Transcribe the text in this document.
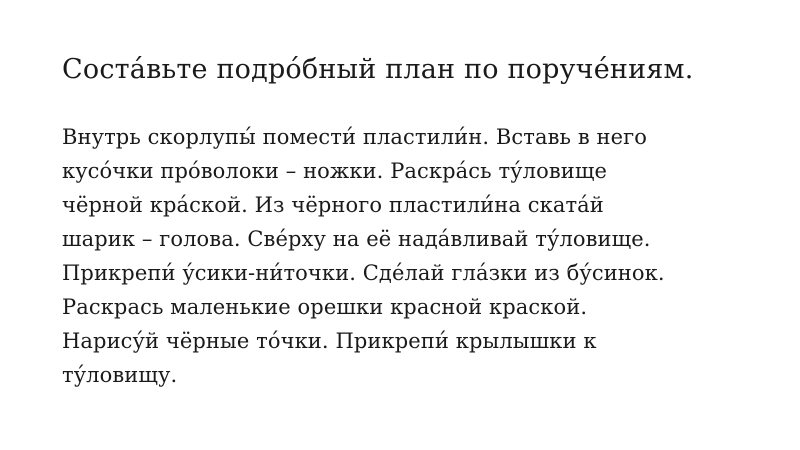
Соста́вьте подро́бный план по поруче́ниям.
Внутрь скорлупы́ помести́ пластили́н. Вставь в него
кусо́чки про́волоки – ножки. Раскра́сь ту́ловище
чёрной кра́ской. Из чёрного пластили́на ската́й
шарик – голова. Све́рху на её нада́вливай ту́ловище.
Прикрепи́ у́сики-ни́точки. Сде́лай гла́зки из бу́синок.
Раскрась маленькие орешки красной краской.
Нарису́й чёрные то́чки. Прикрепи́ крылышки к
ту́ловищу.
